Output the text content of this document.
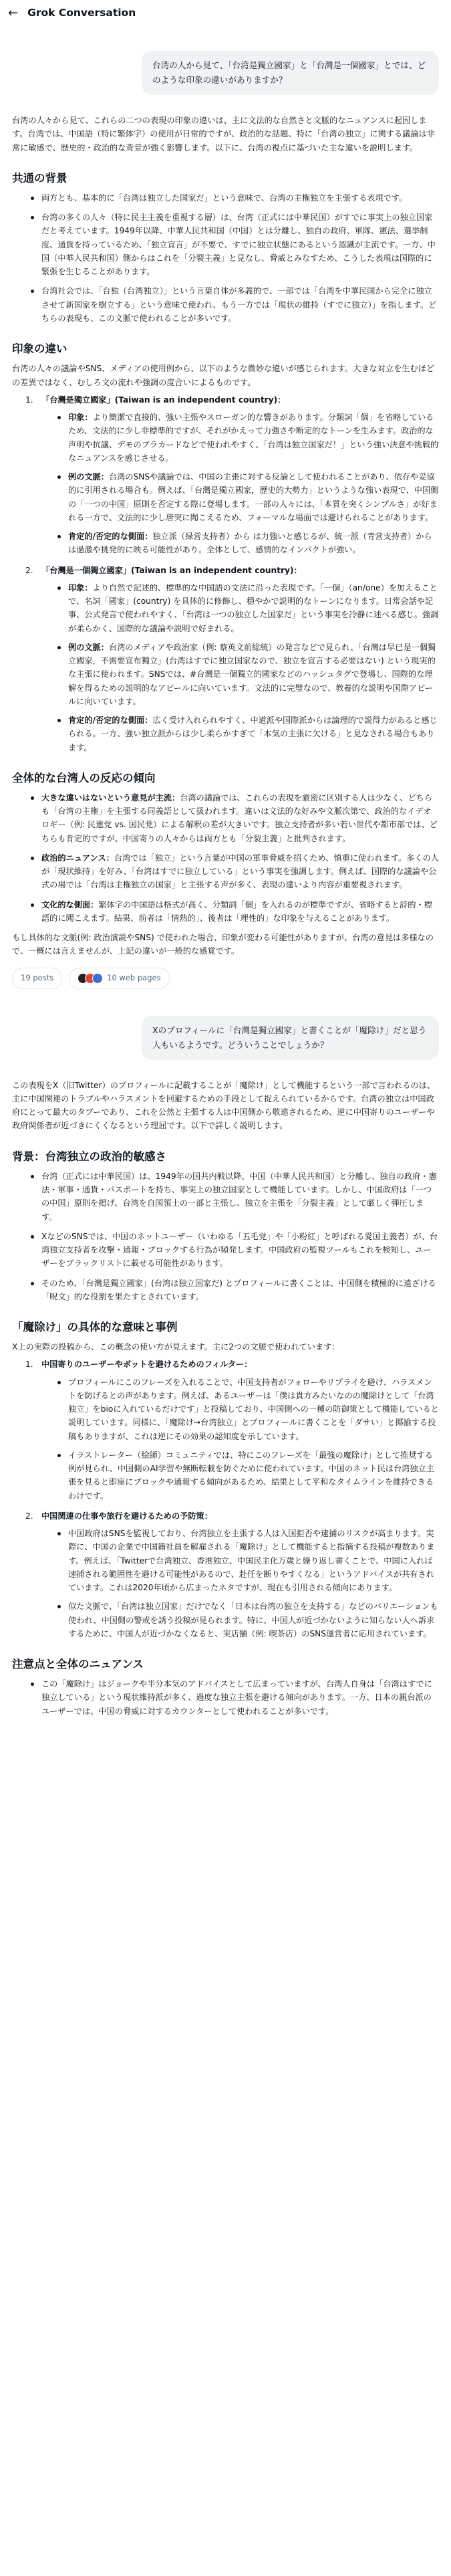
← Grok Conversation
台湾の人から見て、「台湾是獨立國家」と「台灣是一個國家」とでは、どのような印象の違いがありますか？

台湾の人々から見て、これらの二つの表現の印象の違いは、主に文法的な自然さと文脈的なニュアンスに起因します。台湾では、中国語（特に繁体字）の使用が日常的ですが、政治的な話題、特に「台湾の独立」に関する議論は非常に敏感で、歴史的・政治的な背景が強く影響します。以下に、台湾の視点に基づいた主な違いを説明します。

共通の背景
両方とも、基本的に「台湾は独立した国家だ」という意味で、台湾の主権独立を主張する表現です。
台湾の多くの人々（特に民主主義を重視する層）は、台湾（正式には中華民国）がすでに事実上の独立国家だと考えています。1949年以降、中華人民共和国（中国）とは分離し、独自の政府、軍隊、憲法、選挙制度、通貨を持っているため、「独立宣言」が不要で、すでに独立状態にあるという認識が主流です。一方、中国（中華人民共和国）側からはこれを「分裂主義」と見なし、脅威とみなすため、こうした表現は国際的に緊張を生じることがあります。
台湾社会では、「台独（台湾独立）」という言葉自体が多義的で、一部では「台湾を中華民国から完全に独立させて新国家を樹立する」という意味で使われ、もう一方では「現状の維持（すでに独立）」を指します。どちらの表現も、この文脈で使われることが多いです。
印象の違い

台湾の人々の議論やSNS、メディアの使用例から、以下のような微妙な違いが感じられます。大きな対立を生むほどの差異ではなく、むしろ文の流れや強調の度合いによるものです。

1. 「台灣是獨立國家」(Taiwan is an independent country)：
印象：より簡潔で直接的、強い主張やスローガン的な響きがあります。分類詞「個」を省略しているため、文法的に少し非標準的ですが、それがかえって力強さや断定的なトーンを生みます。政治的な声明や抗議、デモのプラカードなどで使われやすく、「台湾は独立国家だ！」という強い決意や挑戦的なニュアンスを感じさせる。
例の文脈：台湾のSNSや議論では、中国の主張に対する反論として使われることがあり、依存や妥協的に引用される場合も。例えば、「台灣是獨立國家，歷史的大勢力」というような強い表現で、中国側の「一つの中国」原則を否定する際に登場します。一部の人々には、「本質を突くシンプルさ」が好まれる一方で、文法的に少し唐突に聞こえるため、フォーマルな場面では避けられることがあります。
肯定的/否定的な側面：独立派（緑営支持者）から は力強いと感じるが、統一派（青営支持者）からは過激や挑発的に映る可能性があり。全体として、感情的なインパクトが強い。
2. 「台灣是一個獨立國家」(Taiwan is an independent country)：
印象：より自然で記述的、標準的な中国語の文法に沿った表現です。「一個」（an/one）を加えることで、名詞「國家」(country) を具体的に修飾し、穏やかで説明的なトーンになります。日常会話や記事、公式発言で使われやすく、「台湾は一つの独立した国家だ」という事実を冷静に述べる感じ。強調が柔らかく、国際的な議論や説明で好まれる。
例の文脈：台湾のメディアや政治家（例: 蔡英文前総統）の発言などで見られ、「台灣は早已是一個獨立國家，不需要宣布獨立」(台湾はすでに独立国家なので、独立を宣言する必要はない) という現実的な主張に使われます。SNSでは、#台灣是一個獨立的國家などのハッシュタグで登場し、国際的な理解を得るための説明的なアピールに向いています。文法的に完璧なので、教養的な説明や国際アピールに向いています。
肯定的/否定的な側面：広く受け入れられやすく、中道派や国際派からは論理的で説得力があると感じられる。一方、強い独立派からは少し柔らかすぎて「本気の主張に欠ける」と見なされる場合もあります。
全体的な台湾人の反応の傾向
大きな違いはないという意見が主流：台湾の議論では、これらの表現を厳密に区別する人は少なく、どちらも「台湾の主権」を主張する同義語として扱われます。違いは文法的な好みや文脈次第で、政治的なイデオロギー（例: 民進党 vs. 国民党）による解釈の差が大きいです。独立支持者が多い若い世代や都市部では、どちらも肯定的ですが、中国寄りの人々からは両方とも「分裂主義」と批判されます。
政治的ニュアンス：台湾では「独立」という言葉が中国の軍事脅威を招くため、慎重に使われます。多くの人が「現状維持」を好み、「台湾はすでに独立している」という事実を強調します。例えば、国際的な議論や公式の場では「台湾は主権独立の国家」と主張する声が多く、表現の違いより内容が重要視されます。
文化的な側面：繁体字の中国語は格式が高く、分類詞「個」を入れるのが標準ですが、省略すると詩的・標語的に聞こえます。結果、前者は「情熱的」、後者は「理性的」な印象を与えることがあります。

もし具体的な文脈(例: 政治演説やSNS) で使われた場合、印象が変わる可能性がありますが、台湾の意見は多様なので、一概には言えませんが、上記の違いが一般的な感覚です。

19 posts	10 web pages
Xのプロフィールに「台灣是獨立國家」と書くことが「魔除け」だと思う人もいるようです。どういうことでしょうか？

この表現をX（旧Twitter）のプロフィールに記載することが「魔除け」として機能するという一部で言われるのは、主に中国関連のトラブルやハラスメントを回避するための手段として捉えられているからです。台湾の独立は中国政府にとって最大のタブーであり、これを公然と主張する人は中国側から敬遠されるため、逆に中国寄りのユーザーや政府関係者が近づきにくくなるという理屈です。以下で詳しく説明します。

背景：台湾独立の政治的敏感さ
台湾（正式には中華民国）は、1949年の国共内戦以降、中国（中華人民共和国）と分離し、独自の政府・憲法・軍事・通貨・パスポートを持ち、事実上の独立国家として機能しています。しかし、中国政府は「一つの中国」原則を掲げ、台湾を自国領土の一部と主張し、独立を主張を「分裂主義」として厳しく弾圧します。
XなどのSNSでは、中国のネットユーザー（いわゆる「五毛党」や「小粉紅」と呼ばれる愛国主義者）が、台湾独立支持者を攻撃・通報・ブロックする行為が頻発します。中国政府の監視ツールもこれを検知し、ユーザーをブラックリストに載せる可能性があります。
そのため、「台灣是獨立國家」(台湾は独立国家だ) とプロフィールに書くことは、中国側を積極的に遠ざける「呪文」的な役割を果たすとされています。
「魔除け」の具体的な意味と事例

X上の実際の投稿から、この概念の使い方が見えます。主に2つの文脈で使われています：

1. 中国寄りのユーザーやボットを避けるためのフィルター：
プロフィールにこのフレーズを入れることで、中国支持者がフォローやリプライを避け、ハラスメントを防げるとの声があります。例えば、あるユーザーは「僕は貴方みたいなのの魔除けとして「台湾独立」をbioに入れているだけです」と投稿しており、中国側への一種の防御策として機能していると説明しています。同様に、「魔除け→台湾独立」とプロフィールに書くことを「ダサい」と揶揄する投稿もありますが、これは逆にその効果の認知度を示しています。
イラストレーター（絵師）コミュニティでは、特にこのフレーズを「最強の魔除け」として推奨する例が見られ、中国側のAI学習や無断転載を防ぐために使われています。中国のネット民は台湾独立主張を見ると即座にブロックや通報する傾向があるため、結果として平和なタイムラインを維持できるわけです。
2. 中国関連の仕事や旅行を避けるための予防策：
中国政府はSNSを監視しており、台湾独立を主張する人は入国拒否や逮捕のリスクが高まります。実際に、中国の企業で中国籍社員を解雇される「魔除け」として機能すると指摘する投稿が複数あります。例えば、「Twitterで台湾独立、香港独立、中国民主化万歳と繰り返し書くことで、中国に入れば速捕される範囲性を避ける可能性があるので、赴任を断りやすくなる」というアドバイスが共有されています。これは2020年頃から広まったネタですが、現在も引用される傾向にあります。
似た文脈で、「台湾は独立国家」だけでなく「日本は台湾の独立を支持する」などのバリエーションも使われ、中国側の警戒を誘う投稿が見られます。特に、中国人が近づかないように知らない人へ訴求するために、中国人が近づかなくなると、実店舗（例: 喫茶店）のSNS運営者に応用されています。
注意点と全体のニュアンス
この「魔除け」はジョークや半分本気のアドバイスとして広まっていますが、台湾人自身は「台湾はすでに独立している」という現状維持派が多く、過度な独立主張を避ける傾向があります。一方、日本の親台派のユーザーでは、中国の脅威に対するカウンターとして使われることが多いです。
